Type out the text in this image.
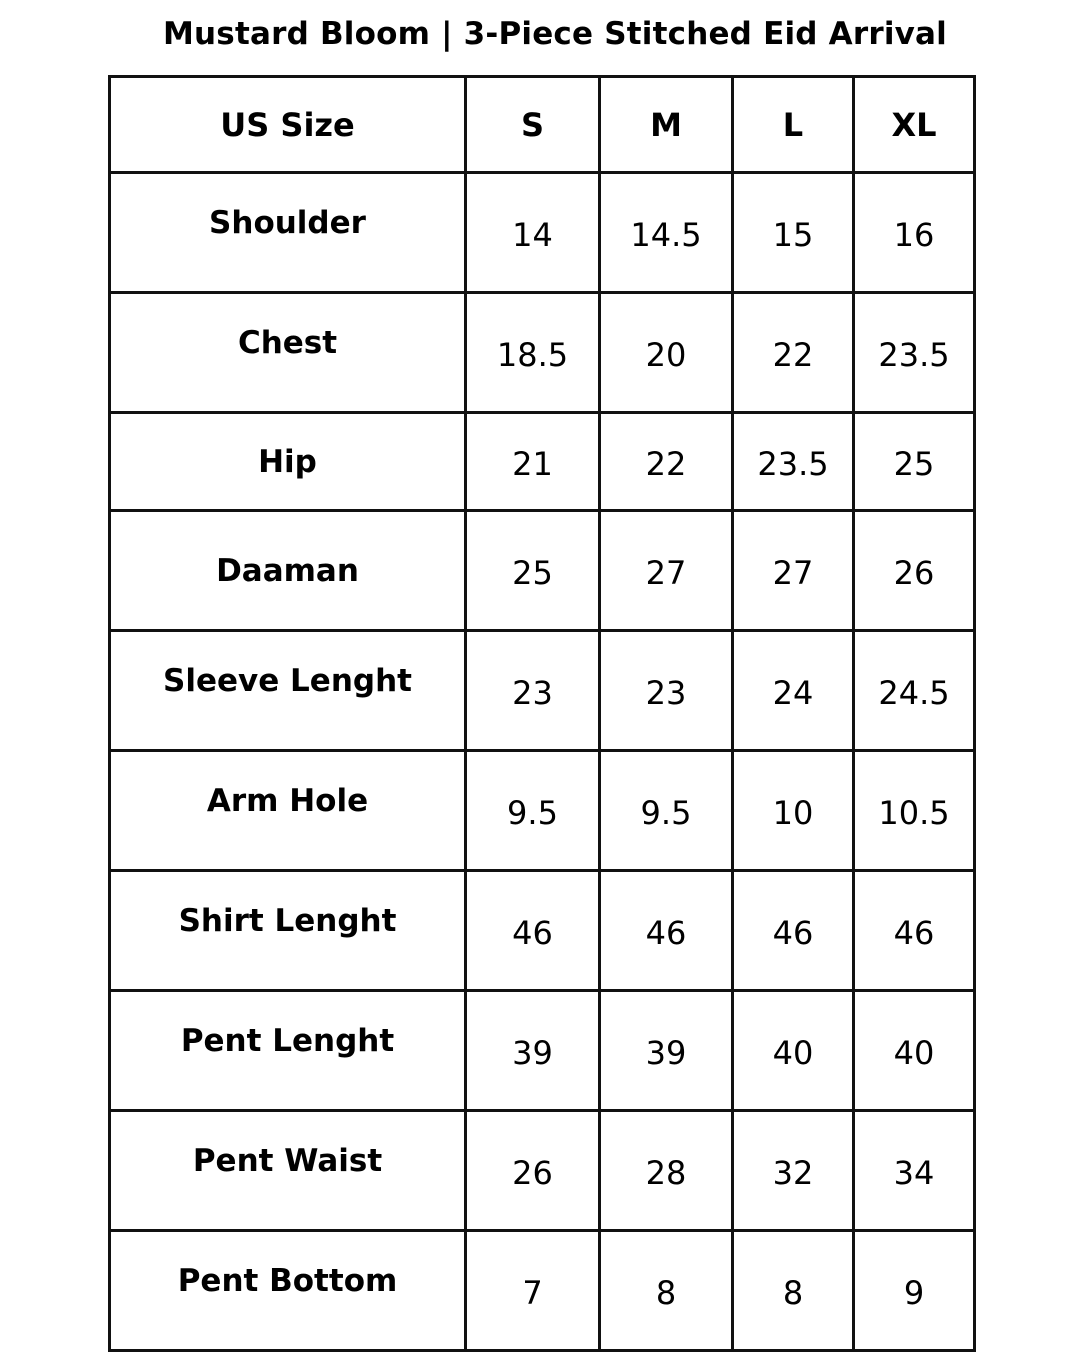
Mustard Bloom | 3-Piece Stitched Eid Arrival
US Size	S	M	L	XL
Shoulder	14	14.5	15	16
Chest	18.5	20	22	23.5
Hip	21	22	23.5	25
Daaman	25	27	27	26
Sleeve Lenght	23	23	24	24.5
Arm Hole	9.5	9.5	10	10.5
Shirt Lenght	46	46	46	46
Pent Lenght	39	39	40	40
Pent Waist	26	28	32	34
Pent Bottom	7	8	8	9
